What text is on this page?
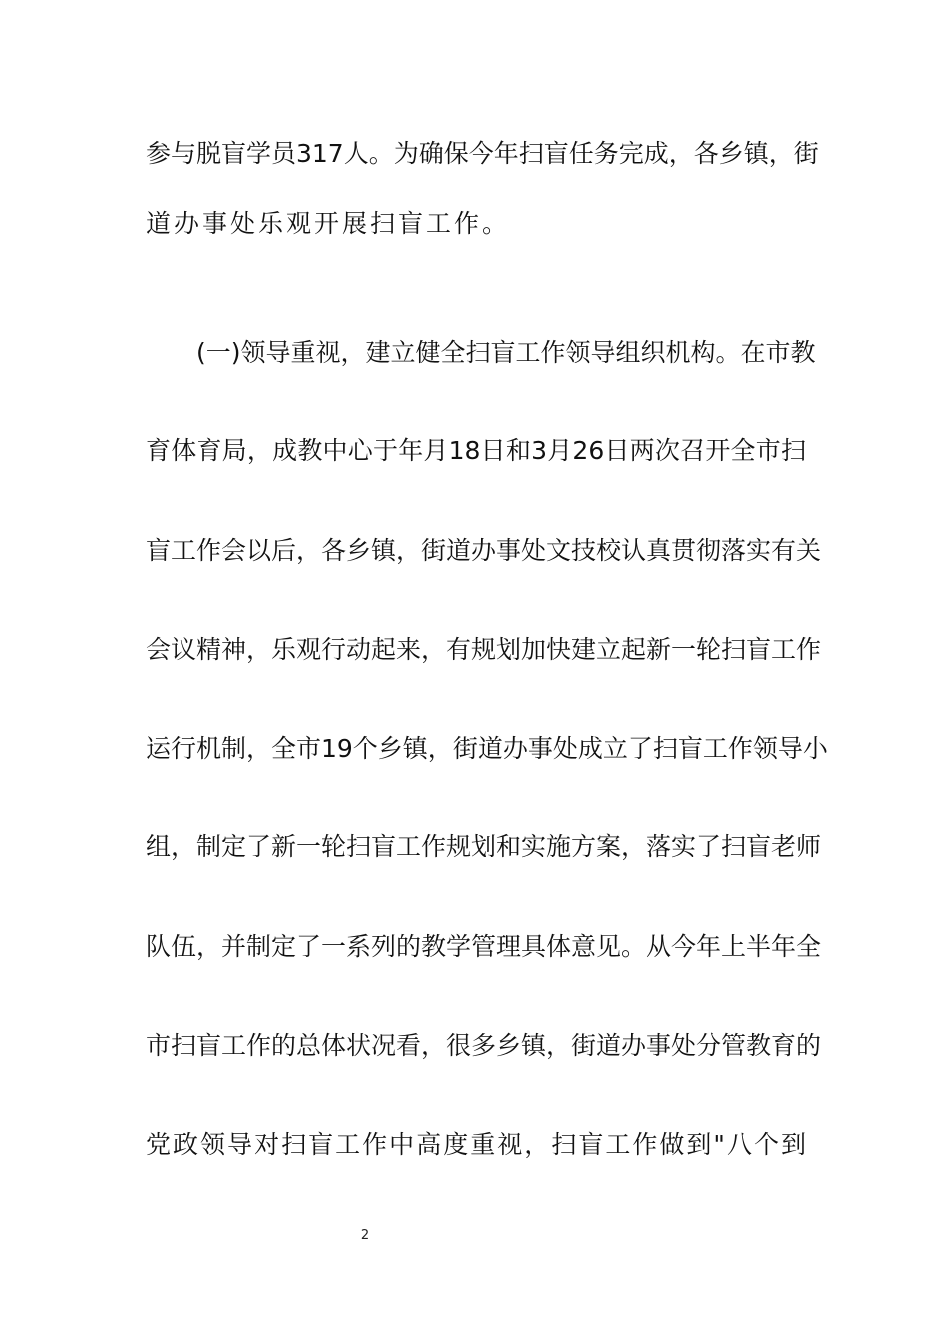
参与脱盲学员317人。为确保今年扫盲任务完成，各乡镇，街
道办事处乐观开展扫盲工作。
(一)领导重视，建立健全扫盲工作领导组织机构。在市教
育体育局，成教中心于年月18日和3月26日两次召开全市扫
盲工作会以后，各乡镇，街道办事处文技校认真贯彻落实有关
会议精神，乐观行动起来，有规划加快建立起新一轮扫盲工作
运行机制，全市19个乡镇，街道办事处成立了扫盲工作领导小
组，制定了新一轮扫盲工作规划和实施方案，落实了扫盲老师
队伍，并制定了一系列的教学管理具体意见。从今年上半年全
市扫盲工作的总体状况看，很多乡镇，街道办事处分管教育的
党政领导对扫盲工作中高度重视，扫盲工作做到"八个到
2
